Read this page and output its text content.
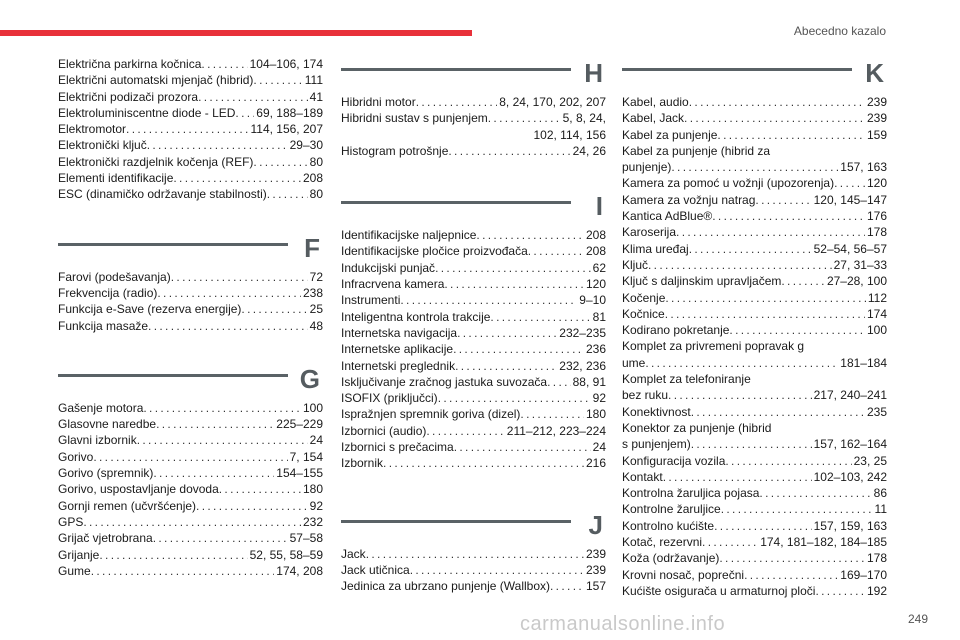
Abecedno kazalo
Električna parkirna kočnica . . .	104–106, 174
Električni automatski mjenjač (hibrid) . . .	111
Električni podizači prozora . . .	41
Elektroluminiscentne diode - LED . . . 69, 188–189
Elektromotor . . .	114, 156, 207
Elektronički ključ . . .	29–30
Elektronički razdjelnik kočenja (REF) . . .	80
Elementi identifikacije . . .	208
ESC (dinamičko održavanje stabilnosti) . . .	80
F
Farovi (podešavanja) . . .	72
Frekvencija (radio) . . .	238
Funkcija e-Save (rezerva energije) . . .	25
Funkcija masaže . . .	48
G
Gašenje motora . . .	100
Glasovne naredbe . . .	225–229
Glavni izbornik . . .	24
Gorivo . . .	7, 154
Gorivo (spremnik) . . .	154–155
Gorivo, uspostavljanje dovoda . . .	180
Gornji remen (učvršćenje) . . .	92
GPS . . .	232
Grijač vjetrobrana . . .	57–58
Grijanje . . .	52, 55, 58–59
Gume . . .	174, 208
H
Hibridni motor . . .	8, 24, 170, 202, 207
Hibridni sustav s punjenjem . . .	5, 8, 24,
102, 114, 156
Histogram potrošnje . . .	24, 26
I
Identifikacijske naljepnice . . .	208
Identifikacijske pločice proizvođača . . .	208
Indukcijski punjač . . .	62
Infracrvena kamera . . .	120
Instrumenti . . .	9–10
Inteligentna kontrola trakcije . . .	81
Internetska navigacija . . .	232–235
Internetske aplikacije . . .	236
Internetski preglednik . . .	232, 236
Isključivanje zračnog jastuka suvozača . . . 88, 91
ISOFIX (priključci) . . .	92
Ispražnjen spremnik goriva (dizel) . . .	180
Izbornici (audio) . . .	211–212, 223–224
Izbornici s prečacima . . .	24
Izbornik . . .	216
J
Jack . . .	239
Jack utičnica . . .	239
Jedinica za ubrzano punjenje (Wallbox) . . .	157
K
Kabel, audio . . .	239
Kabel, Jack . . .	239
Kabel za punjenje . . .	159
Kabel za punjenje (hibrid za
punjenje) . . .	157, 163
Kamera za pomoć u vožnji (upozorenja) . . .	120
Kamera za vožnju natrag . . .	120, 145–147
Kantica AdBlue® . . .	176
Karoserija . . .	178
Klima uređaj . . .	52–54, 56–57
Ključ . . .	27, 31–33
Ključ s daljinskim upravljačem . . .	27–28, 100
Kočenje . . .	112
Kočnice . . .	174
Kodirano pokretanje . . .	100
Komplet za privremeni popravak g
ume . . .	181–184
Komplet za telefoniranje
bez ruku . . .	217, 240–241
Konektivnost . . .	235
Konektor za punjenje (hibrid
s punjenjem) . . .	157, 162–164
Konfiguracija vozila . . .	23, 25
Kontakt . . .	102–103, 242
Kontrolna žaruljica pojasa . . .	86
Kontrolne žaruljice . . .	11
Kontrolno kućište . . .	157, 159, 163
Kotač, rezervni . . .	174, 181–182, 184–185
Koža (održavanje) . . .	178
Krovni nosač, poprečni . . .	169–170
Kućište osigurača u armaturnoj ploči . . .	192
249
carmanualsonline.info
